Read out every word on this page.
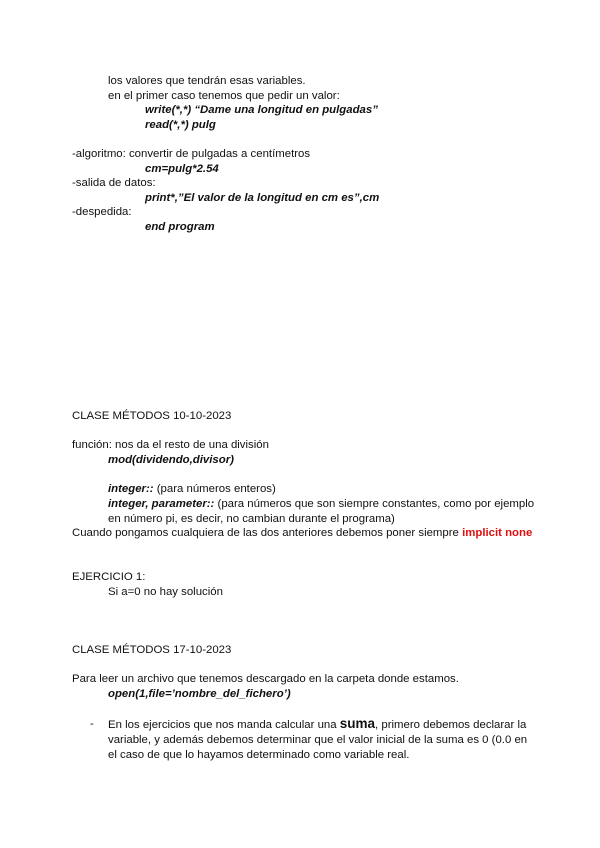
los valores que tendrán esas variables.
en el primer caso tenemos que pedir un valor:
write(*,*) “Dame una longitud en pulgadas”
read(*,*) pulg
-algoritmo: convertir de pulgadas a centímetros
cm=pulg*2.54
-salida de datos:
print*,”El valor de la longitud en cm es”,cm
-despedida:
end program
CLASE MÉTODOS 10-10-2023
función: nos da el resto de una división
mod(dividendo,divisor)
integer:: (para números enteros)
integer, parameter:: (para números que son siempre constantes, como por ejemplo
en número pi, es decir, no cambian durante el programa)
Cuando pongamos cualquiera de las dos anteriores debemos poner siempre implicit none
EJERCICIO 1:
Si a=0 no hay solución
CLASE MÉTODOS 17-10-2023
Para leer un archivo que tenemos descargado en la carpeta donde estamos.
open(1,file=’nombre_del_fichero’)
- En los ejercicios que nos manda calcular una suma, primero debemos declarar la
variable, y además debemos determinar que el valor inicial de la suma es 0 (0.0 en
el caso de que lo hayamos determinado como variable real.
